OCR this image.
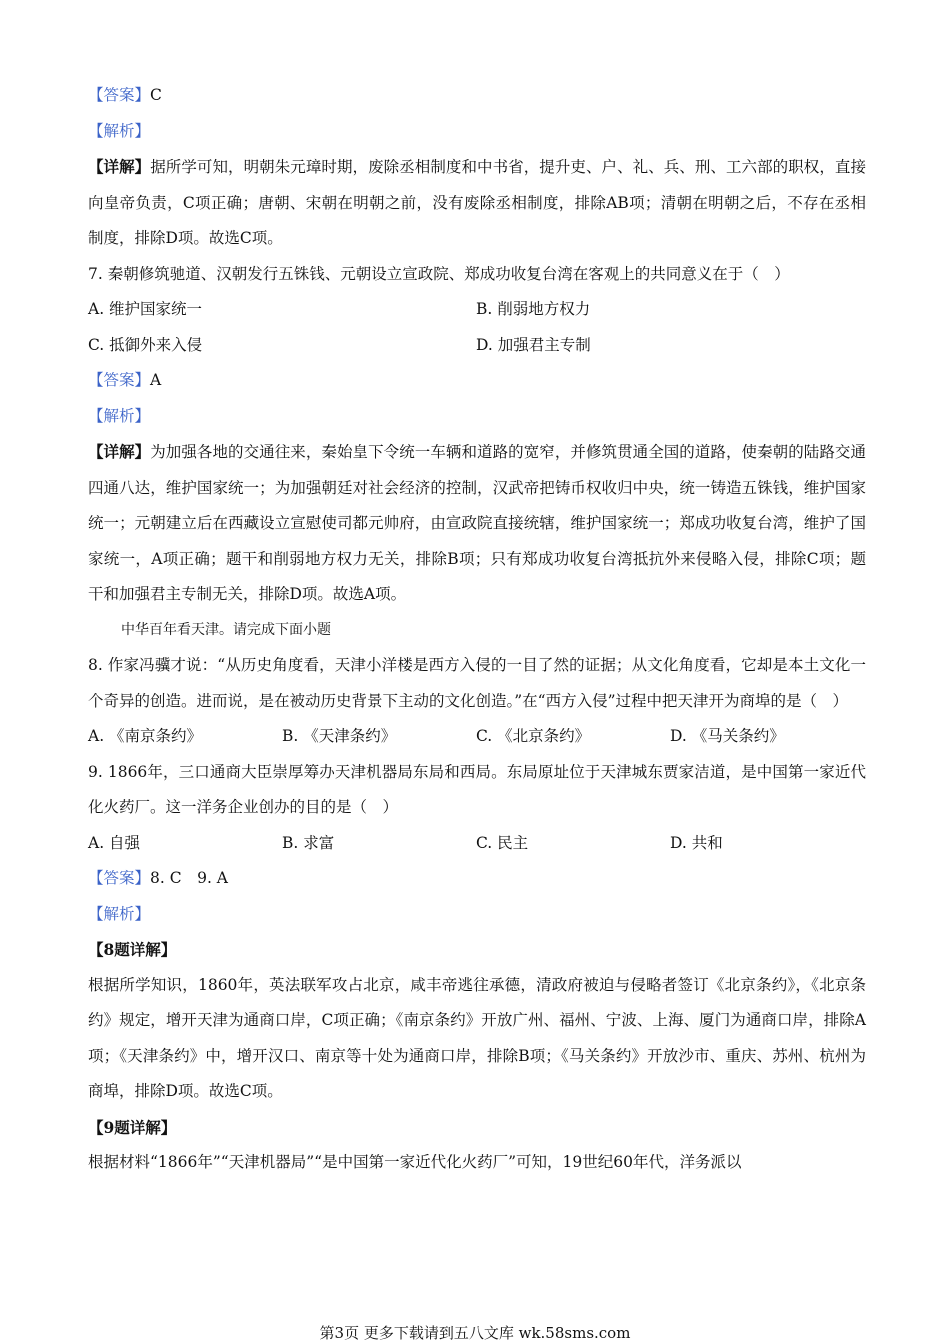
【答案】C
【解析】
【详解】据所学可知，明朝朱元璋时期，废除丞相制度和中书省，提升吏、户、礼、兵、刑、工六部的职权，直接向皇帝负责，C项正确；唐朝、宋朝在明朝之前，没有废除丞相制度，排除AB项；清朝在明朝之后，不存在丞相制度，排除D项。故选C项。
7. 秦朝修筑驰道、汉朝发行五铢钱、元朝设立宣政院、郑成功收复台湾在客观上的共同意义在于（　）
A. 维护国家统一	B. 削弱地方权力
C. 抵御外来入侵	D. 加强君主专制
【答案】A
【解析】
【详解】为加强各地的交通往来，秦始皇下令统一车辆和道路的宽窄，并修筑贯通全国的道路，使秦朝的陆路交通四通八达，维护国家统一；为加强朝廷对社会经济的控制，汉武帝把铸币权收归中央，统一铸造五铢钱，维护国家统一；元朝建立后在西藏设立宣慰使司都元帅府，由宣政院直接统辖，维护国家统一；郑成功收复台湾，维护了国家统一，A项正确；题干和削弱地方权力无关，排除B项；只有郑成功收复台湾抵抗外来侵略入侵，排除C项；题干和加强君主专制无关，排除D项。故选A项。
中华百年看天津。请完成下面小题
8. 作家冯骥才说：“从历史角度看，天津小洋楼是西方入侵的一目了然的证据；从文化角度看，它却是本土文化一个奇异的创造。进而说，是在被动历史背景下主动的文化创造。”在“西方入侵”过程中把天津开为商埠的是（　）
A. 《南京条约》	B. 《天津条约》	C. 《北京条约》	D. 《马关条约》
9. 1866年，三口通商大臣崇厚筹办天津机器局东局和西局。东局原址位于天津城东贾家洁道，是中国第一家近代化火药厂。这一洋务企业创办的目的是（　）
A. 自强	B. 求富	C. 民主	D. 共和
【答案】8. C　9. A
【解析】
【8题详解】
根据所学知识，1860年，英法联军攻占北京，咸丰帝逃往承德，清政府被迫与侵略者签订《北京条约》，《北京条约》规定，增开天津为通商口岸，C项正确；《南京条约》开放广州、福州、宁波、上海、厦门为通商口岸，排除A项；《天津条约》中，增开汉口、南京等十处为通商口岸，排除B项；《马关条约》开放沙市、重庆、苏州、杭州为商埠，排除D项。故选C项。
【9题详解】
根据材料“1866年”“天津机器局”“是中国第一家近代化火药厂”可知，19世纪60年代，洋务派以
第3页 更多下载请到五八文库 wk.58sms.com
